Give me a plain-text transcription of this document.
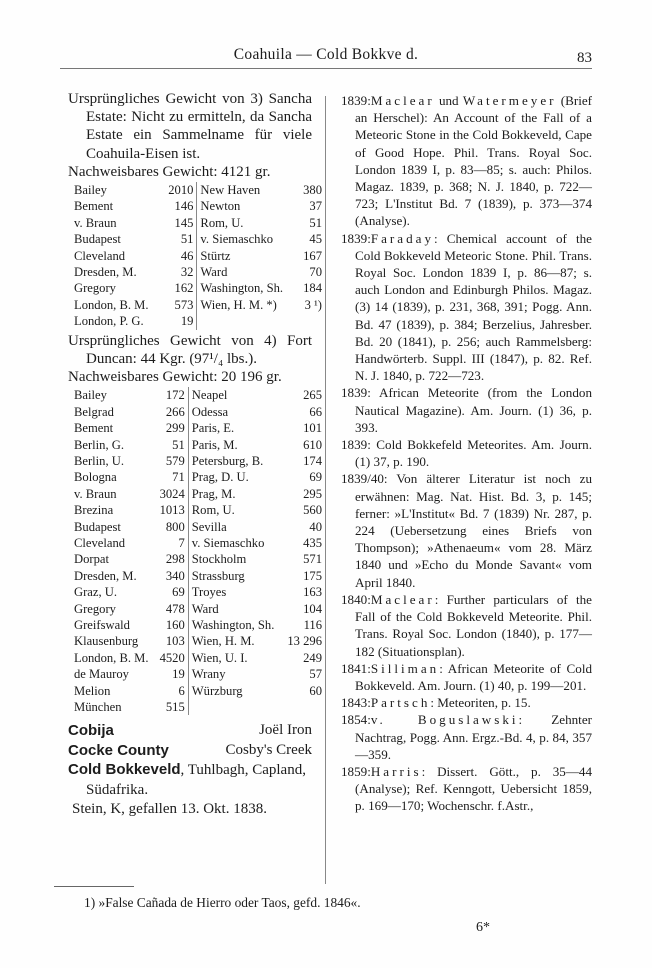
Coahuila — Cold Bokkve d.	83

Ursprüngliches Gewicht von 3) Sancha Estate: Nicht zu ermitteln, da Sancha Estate ein Sammelname für viele Coahuila-Eisen ist.

Nachweisbares Gewicht: 4121 gr.

Bailey	2010	New Haven	380
Bement	146	Newton	37
v. Braun	145	Rom, U.	51
Budapest	51	v. Siemaschko	45
Cleveland	46	Stürtz	167
Dresden, M.	32	Ward	70
Gregory	162	Washington, Sh.	184
London, B. M.	573	Wien, H. M. *)	3 ¹)
London, P. G.	19		

Ursprüngliches Gewicht von 4) Fort Duncan: 44 Kgr. (97¹/₄ lbs.).

Nachweisbares Gewicht: 20 196 gr.

Bailey	172	Neapel	265
Belgrad	266	Odessa	66
Bement	299	Paris, E.	101
Berlin, G.	51	Paris, M.	610
Berlin, U.	579	Petersburg, B.	174
Bologna	71	Prag, D. U.	69
v. Braun	3024	Prag, M.	295
Brezina	1013	Rom, U.	560
Budapest	800	Sevilla	40
Cleveland	7	v. Siemaschko	435
Dorpat	298	Stockholm	571
Dresden, M.	340	Strassburg	175
Graz, U.	69	Troyes	163
Gregory	478	Ward	104
Greifswald	160	Washington, Sh.	116
Klausenburg	103	Wien, H. M.	13 296
London, B. M.	4520	Wien, U. I.	249
de Mauroy	19	Wrany	57
Melion	6	Würzburg	60
München	515		
Cobija	Joël Iron
Cocke County	Cosby's Creek
Cold Bokkeveld, Tuhlbagh, Capland, Südafrika.
Stein, K, gefallen 13. Okt. 1838.

1839:Maclear und Watermeyer (Brief an Herschel): An Account of the Fall of a Meteoric Stone in the Cold Bokkeveld, Cape of Good Hope. Phil. Trans. Royal Soc. London 1839 I, p. 83—85; s. auch: Philos. Magaz. 1839, p. 368; N. J. 1840, p. 722—723; L'Institut Bd. 7 (1839), p. 373—374 (Analyse).

1839:Faraday: Chemical account of the Cold Bokkeveld Meteoric Stone. Phil. Trans. Royal Soc. London 1839 I, p. 86—87; s. auch London and Edinburgh Philos. Magaz. (3) 14 (1839), p. 231, 368, 391; Pogg. Ann. Bd. 47 (1839), p. 384; Berzelius, Jahresber. Bd. 20 (1841), p. 256; auch Rammelsberg: Handwörterb. Suppl. III (1847), p. 82. Ref. N. J. 1840, p. 722—723.

1839: African Meteorite (from the London Nautical Magazine). Am. Journ. (1) 36, p. 393.

1839: Cold Bokkefeld Meteorites. Am. Journ. (1) 37, p. 190.

1839/40: Von älterer Literatur ist noch zu erwähnen: Mag. Nat. Hist. Bd. 3, p. 145; ferner: »L'Institut« Bd. 7 (1839) Nr. 287, p. 224 (Uebersetzung eines Briefs von Thompson); »Athenaeum« vom 28. März 1840 und »Echo du Monde Savant« vom April 1840.

1840:Maclear: Further particulars of the Fall of the Cold Bokkeveld Meteorite. Phil. Trans. Royal Soc. London (1840), p. 177—182 (Situationsplan).

1841:Silliman: African Meteorite of Cold Bokkeveld. Am. Journ. (1) 40, p. 199—201.

1843:Partsch: Meteoriten, p. 15.

1854:v. Boguslawski: Zehnter Nachtrag, Pogg. Ann. Ergz.-Bd. 4, p. 84, 357—359.

1859:Harris: Dissert. Gött., p. 35—44 (Analyse); Ref. Kenngott, Uebersicht 1859, p. 169—170; Wochenschr. f.Astr.,

1) »False Cañada de Hierro oder Taos, gefd. 1846«.
6*
